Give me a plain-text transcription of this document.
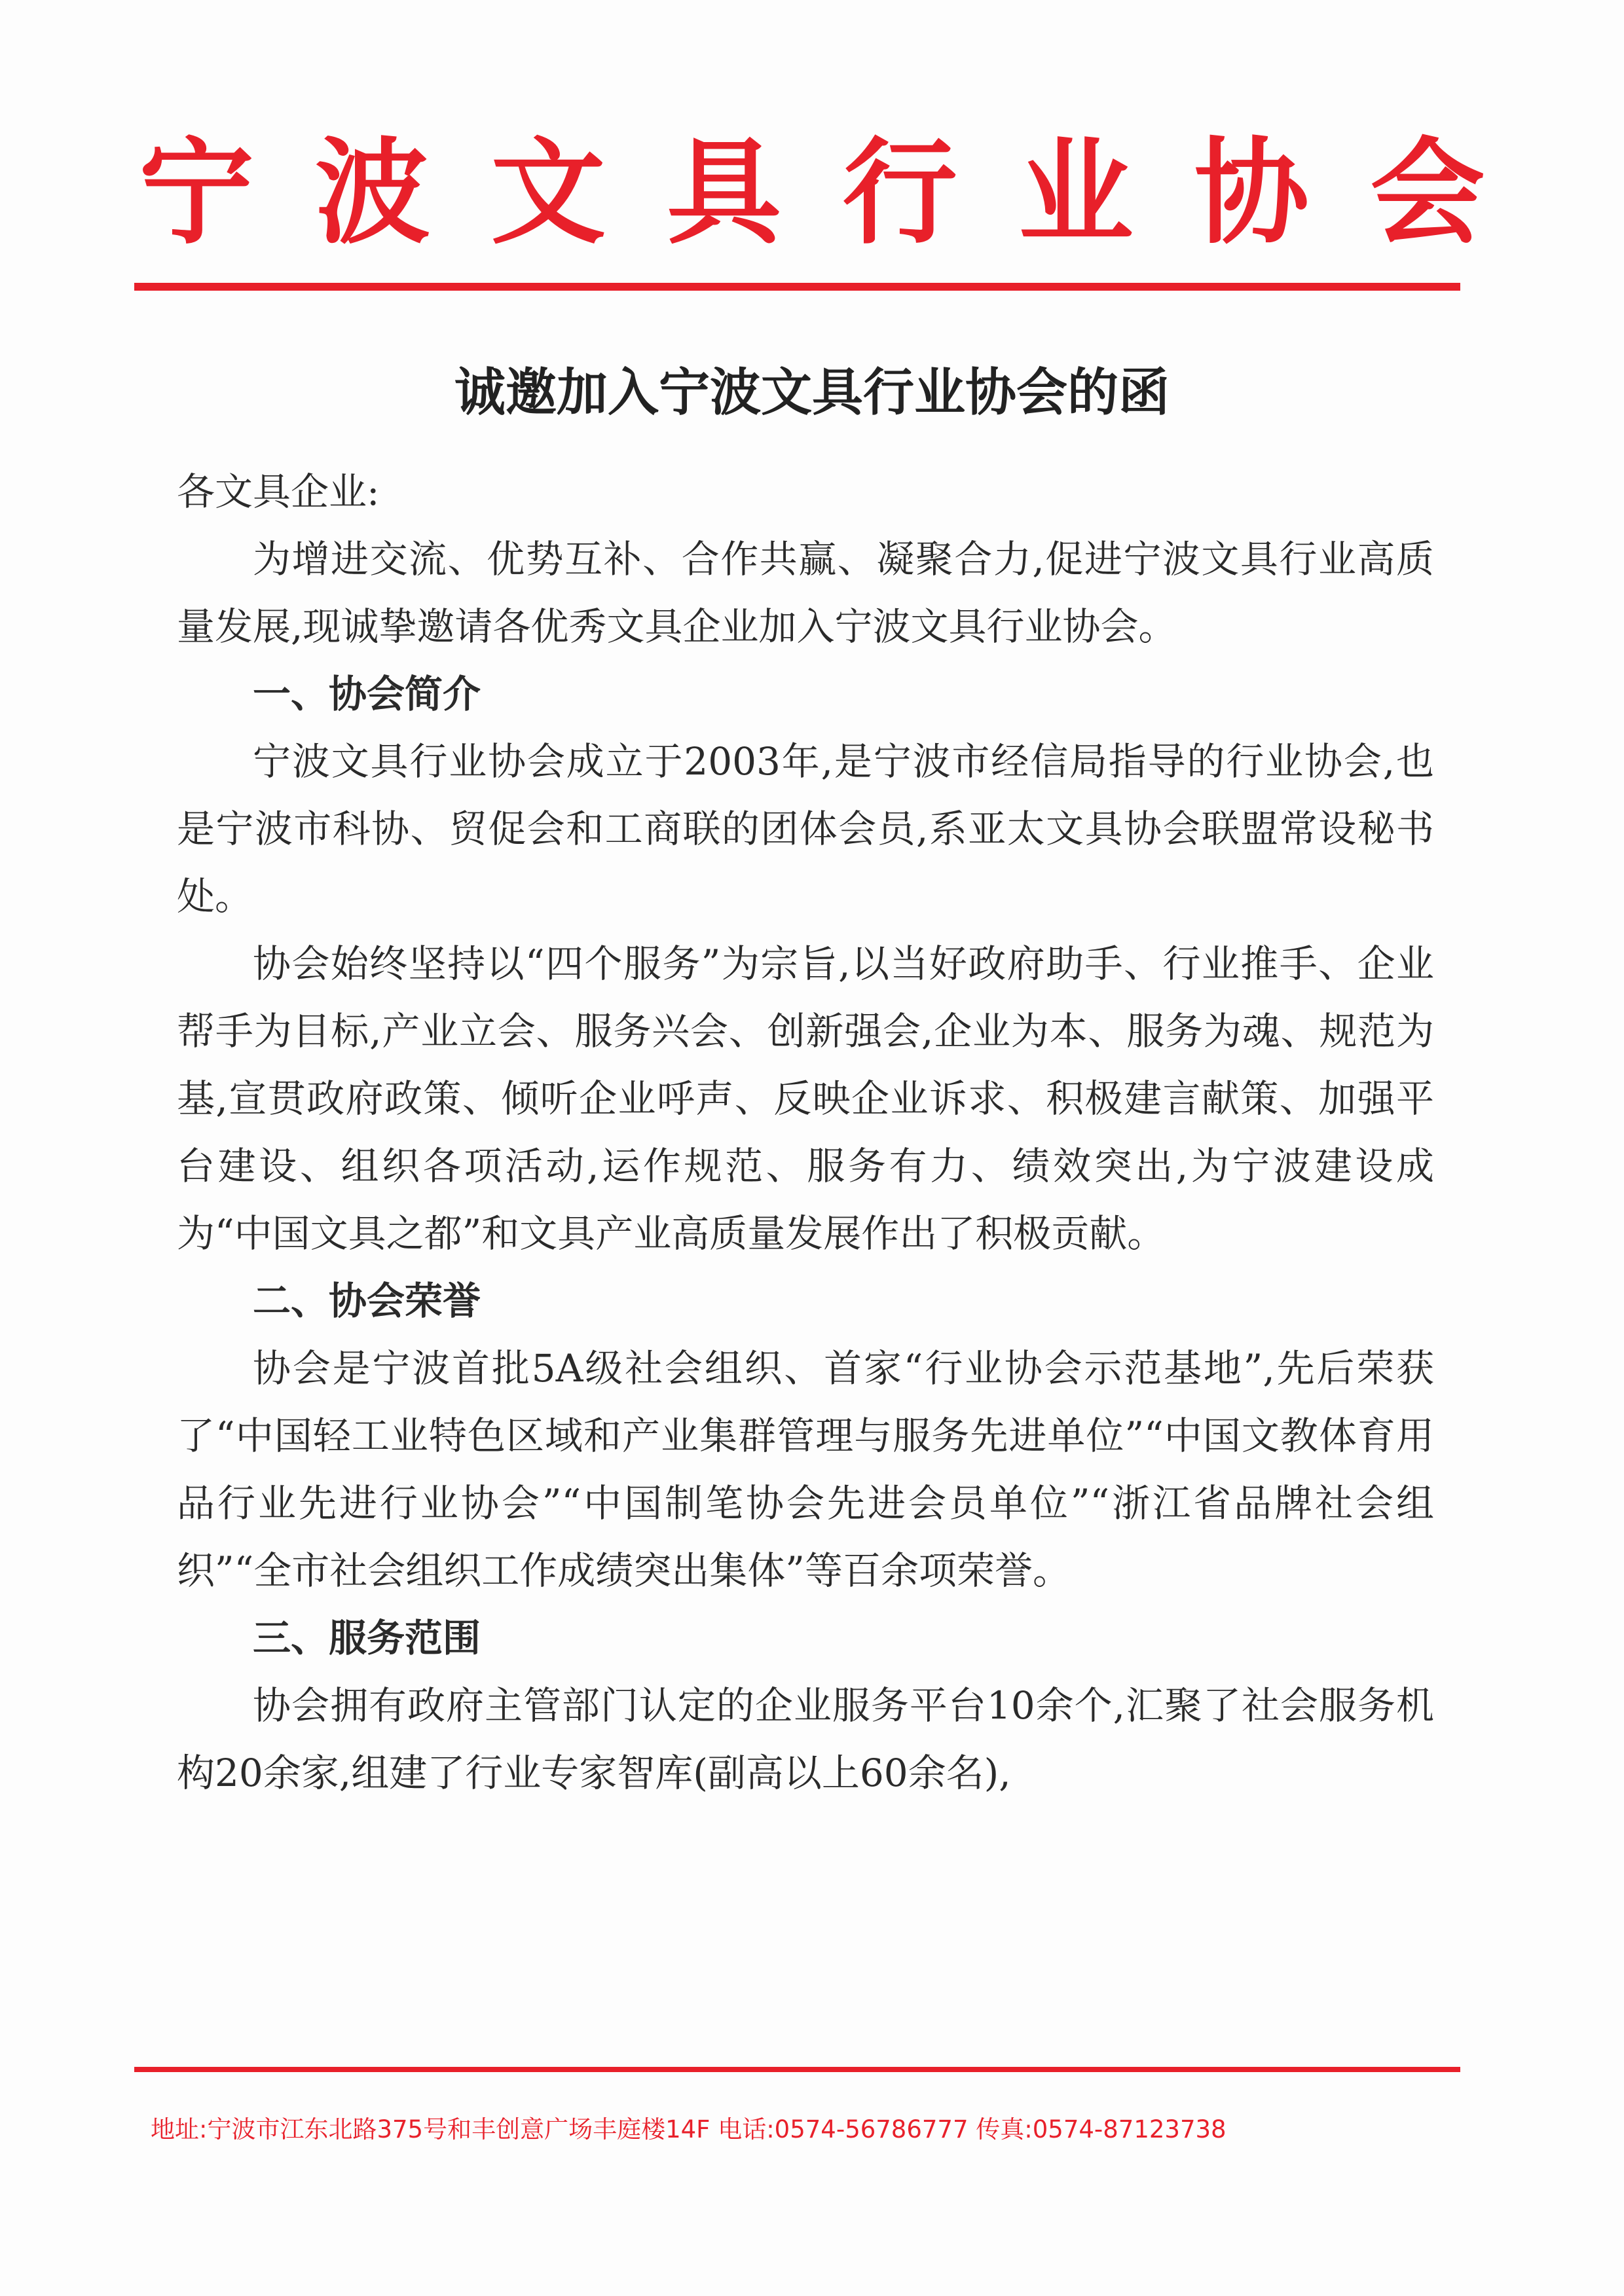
宁 波 文 具 行 业 协 会
诚邀加入宁波文具行业协会的函

各文具企业:

为增进交流、优势互补、合作共赢、凝聚合力,促进宁波文具行业高质量发展,现诚挚邀请各优秀文具企业加入宁波文具行业协会。

一、协会简介

宁波文具行业协会成立于2003年,是宁波市经信局指导的行业协会,也是宁波市科协、贸促会和工商联的团体会员,系亚太文具协会联盟常设秘书处。

协会始终坚持以“四个服务”为宗旨,以当好政府助手、行业推手、企业帮手为目标,产业立会、服务兴会、创新强会,企业为本、服务为魂、规范为基,宣贯政府政策、倾听企业呼声、反映企业诉求、积极建言献策、加强平台建设、组织各项活动,运作规范、服务有力、绩效突出,为宁波建设成为“中国文具之都”和文具产业高质量发展作出了积极贡献。

二、协会荣誉

协会是宁波首批5A级社会组织、首家“行业协会示范基地”,先后荣获了“中国轻工业特色区域和产业集群管理与服务先进单位”“中国文教体育用品行业先进行业协会”“中国制笔协会先进会员单位”“浙江省品牌社会组织”“全市社会组织工作成绩突出集体”等百余项荣誉。

三、服务范围

协会拥有政府主管部门认定的企业服务平台10余个,汇聚了社会服务机构20余家,组建了行业专家智库(副高以上60余名),

地址:宁波市江东北路375号和丰创意广场丰庭楼14F 电话:0574-56786777 传真:0574-87123738
